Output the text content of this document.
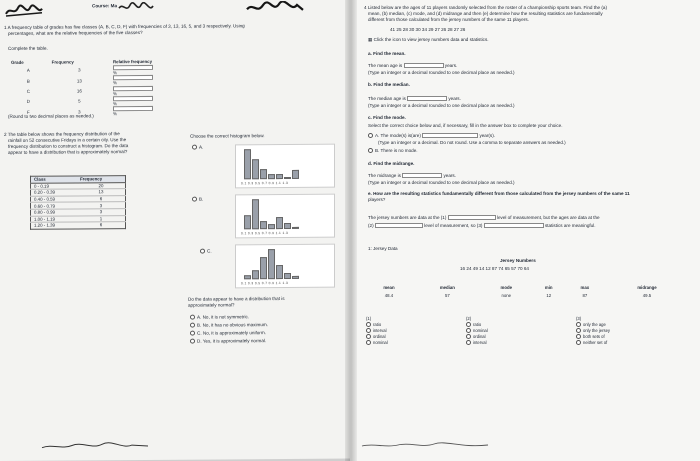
Course: Ma
1 A frequency table of grades has five classes (A, B, C, D, F) with frequencies of 3, 13, 16, 5, and 3 respectively. Using
percentages, what are the relative frequencies of the five classes?
Complete the table.
Grade	Frequency	Relative frequency
A	3	%
B	13	%
C	16	%
D	5	%
F	3	%
(Round to two decimal places as needed.)
2 The table below shows the frequency distribution of the
rainfall on 52 consecutive Fridays in a certain city. Use the
frequency distribution to construct a histogram. Do the data
appear to have a distribution that is approximately normal?
Class	Frequency
0 - 0.19	20
0.20 - 0.39	13
0.40 - 0.59	6
0.60 - 0.79	3
0.80 - 0.99	3
1.00 - 1.19	1
1.20 - 1.39	6
Choose the correct histogram below.
A.
0.1 0.3 0.5 0.7 0.9 1.1 1.3
B.
0.1 0.3 0.5 0.7 0.9 1.1 1.3
C.
0.1 0.3 0.5 0.7 0.9 1.1 1.3
Do the data appear to have a distribution that is
approximately normal?
A. No, it is not symmetric.
B. No, it has no obvious maximum.
C. No, it is approximately uniform.
D. Yes, it is approximately normal.
4 Listed below are the ages of 11 players randomly selected from the roster of a championship sports team. Find the (a)
mean, (b) median, (c) mode, and (d) midrange and then (e) determine how the resulting statistics are fundamentally
different from those calculated from the jersey numbers of the same 11 players.
41 25 28 30 30 34 29 27 26 28 27 26
▦ Click the icon to view jersey numbers data and statistics.
a. Find the mean.
The mean age is	years.
(Type an integer or a decimal rounded to one decimal place as needed.)
b. Find the median.
The median age is	years.
(Type an integer or a decimal rounded to one decimal place as needed.)
c. Find the mode.
Select the correct choice below and, if necessary, fill in the answer box to complete your choice.
A. The mode(s) is(are)	year(s).
(Type an integer or a decimal. Do not round. Use a comma to separate answers as needed.)
B. There is no mode.
d. Find the midrange.
The midrange is	years.
(Type an integer or a decimal rounded to one decimal place as needed.)
e. How are the resulting statistics fundamentally different from those calculated from the jersey numbers of the same 11
players?
The jersey numbers are data at the (1)	level of measurement, but the ages are data at the
(2)	level of measurement, so (3)	statistics are meaningful.
1: Jersey Data
Jersey Numbers
16 24 49 14 12 87 74 65 57 70 64
mean	median	mode	min	max	midrange
48.4	57	none	12	87	49.5
(1)
ratio
interval
ordinal
nominal
(2)
ratio
nominal
ordinal
interval
(3)
only the age
only the jersey
both sets of
neither set of
